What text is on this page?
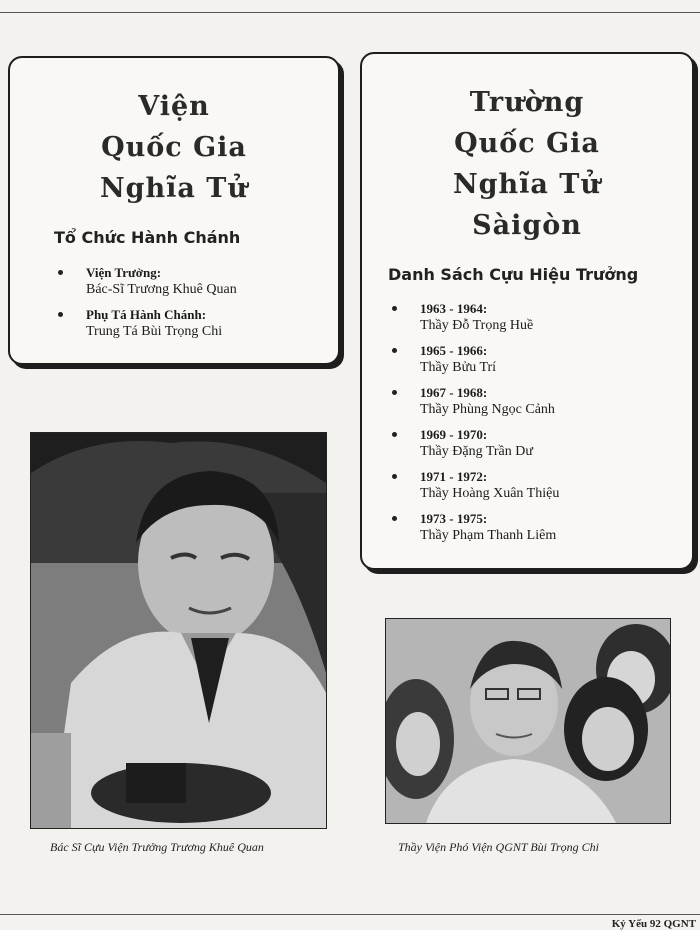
Viện
Quốc Gia
Nghĩa Tử
Tổ Chức Hành Chánh
Viện Trưởng:
Bác-Sĩ Trương Khuê Quan
Phụ Tá Hành Chánh:
Trung Tá Bùi Trọng Chi
Trường
Quốc Gia
Nghĩa Tử
Sàigòn
Danh Sách Cựu Hiệu Trưởng
1963 - 1964:
Thầy Đỗ Trọng Huề
1965 - 1966:
Thầy Bửu Trí
1967 - 1968:
Thầy Phùng Ngọc Cảnh
1969 - 1970:
Thầy Đặng Trần Dư
1971 - 1972:
Thầy Hoàng Xuân Thiệu
1973 - 1975:
Thầy Phạm Thanh Liêm
Bác Sĩ Cựu Viện Trưởng Trương Khuê Quan	Thầy Viện Phó Viện QGNT Bùi Trọng Chi
Kỷ Yếu 92 QGNT
